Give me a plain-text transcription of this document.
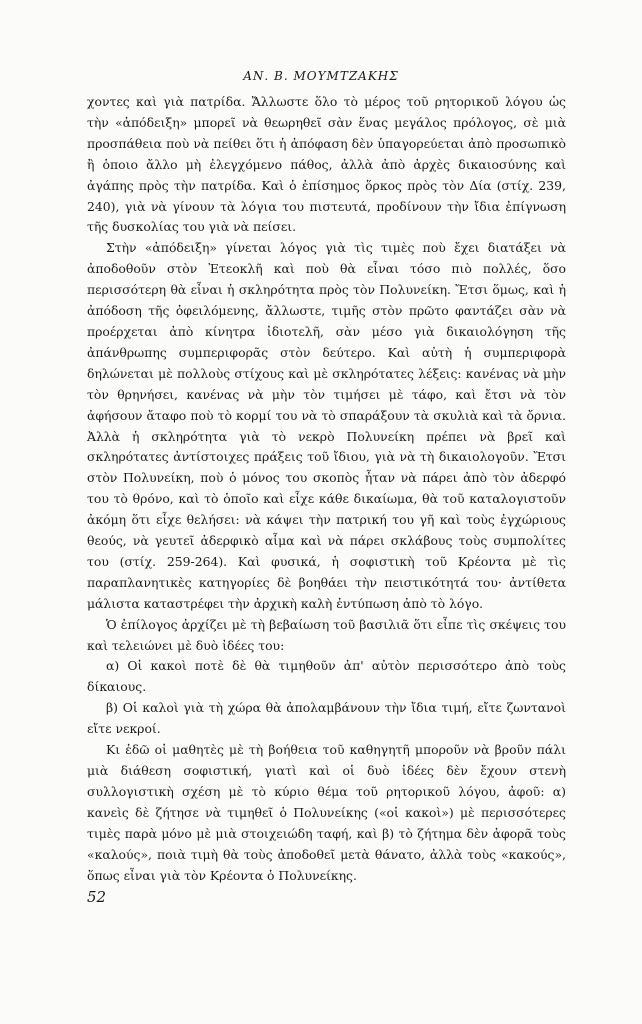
ΑΝ. Β. ΜΟΥΜΤΖΑΚΗΣ

χοντες καὶ γιὰ πατρίδα. Ἄλλωστε ὅλο τὸ μέρος τοῦ ρητορικοῦ λόγου ὡς τὴν «ἀπόδειξη» μπορεῖ νὰ θεωρηθεῖ σὰν ἕνας μεγάλος πρόλογος, σὲ μιὰ προσπάθεια ποὺ νὰ πείθει ὅτι ἡ ἀπόφαση δὲν ὑπαγορεύεται ἀπὸ προσωπικὸ ἢ ὁποιο ἄλλο μὴ ἐλεγχόμενο πάθος, ἀλλὰ ἀπὸ ἀρχὲς δικαιοσύνης καὶ ἀγάπης πρὸς τὴν πατρίδα. Καὶ ὁ ἐπίσημος ὅρκος πρὸς τὸν Δία (στίχ. 239, 240), γιὰ νὰ γίνουν τὰ λόγια του πιστευτά, προδίνουν τὴν ἴδια ἐπίγνωση τῆς δυσκολίας του γιὰ νὰ πείσει.

Στὴν «ἀπόδειξη» γίνεται λόγος γιὰ τὶς τιμὲς ποὺ ἔχει διατάξει νὰ ἀποδοθοῦν στὸν Ἐτεοκλῆ καὶ ποὺ θὰ εἶναι τόσο πιὸ πολλές, ὅσο περισσότερη θὰ εἶναι ἡ σκληρότητα πρὸς τὸν Πολυνείκη. Ἔτσι ὅμως, καὶ ἡ ἀπόδοση τῆς ὀφειλόμενης, ἄλλωστε, τιμῆς στὸν πρῶτο φαντάζει σὰν νὰ προέρχεται ἀπὸ κίνητρα ἰδιοτελῆ, σὰν μέσο γιὰ δικαιολόγηση τῆς ἀπάνθρωπης συμπεριφορᾶς στὸν δεύτερο. Καὶ αὐτὴ ἡ συμπεριφορὰ δηλώνεται μὲ πολλοὺς στίχους καὶ μὲ σκληρότατες λέξεις: κανένας νὰ μὴν τὸν θρηνήσει, κανένας νὰ μὴν τὸν τιμήσει μὲ τάφο, καὶ ἔτσι νὰ τὸν ἀφήσουν ἄταφο ποὺ τὸ κορμί του νὰ τὸ σπαράξουν τὰ σκυλιὰ καὶ τὰ ὄρνια. Ἀλλὰ ἡ σκληρότητα γιὰ τὸ νεκρὸ Πολυνείκη πρέπει νὰ βρεῖ καὶ σκληρότατες ἀντίστοιχες πράξεις τοῦ ἴδιου, γιὰ νὰ τὴ δικαιολογοῦν. Ἔτσι στὸν Πολυνείκη, ποὺ ὁ μόνος του σκοπὸς ἦταν νὰ πάρει ἀπὸ τὸν ἀδερφό του τὸ θρόνο, καὶ τὸ ὁποῖο καὶ εἶχε κάθε δικαίωμα, θὰ τοῦ καταλογιστοῦν ἀκόμη ὅτι εἶχε θελήσει: νὰ κάψει τὴν πατρική του γῆ καὶ τοὺς ἐγχώριους θεούς, νὰ γευτεῖ ἀδερφικὸ αἷμα καὶ νὰ πάρει σκλάβους τοὺς συμπολίτες του (στίχ. 259-264). Καὶ φυσικά, ἡ σοφιστικὴ τοῦ Κρέοντα μὲ τὶς παραπλανητικὲς κατηγορίες δὲ βοηθάει τὴν πειστικότητά του· ἀντίθετα μάλιστα καταστρέφει τὴν ἀρχικὴ καλὴ ἐντύπωση ἀπὸ τὸ λόγο.

Ὁ ἐπίλογος ἀρχίζει μὲ τὴ βεβαίωση τοῦ βασιλιᾶ ὅτι εἶπε τὶς σκέψεις του καὶ τελειώνει μὲ δυὸ ἰδέες του:

α) Οἱ κακοὶ ποτὲ δὲ θὰ τιμηθοῦν ἀπ' αὐτὸν περισσότερο ἀπὸ τοὺς δίκαιους.

β) Οἱ καλοὶ γιὰ τὴ χώρα θὰ ἀπολαμβάνουν τὴν ἴδια τιμή, εἴτε ζωντανοὶ εἴτε νεκροί.

Κι ἐδῶ οἱ μαθητὲς μὲ τὴ βοήθεια τοῦ καθηγητῆ μποροῦν νὰ βροῦν πάλι μιὰ διάθεση σοφιστική, γιατὶ καὶ οἱ δυὸ ἰδέες δὲν ἔχουν στενὴ συλλογιστικὴ σχέση μὲ τὸ κύριο θέμα τοῦ ρητορικοῦ λόγου, ἀφοῦ: α) κανεὶς δὲ ζήτησε νὰ τιμηθεῖ ὁ Πολυνείκης («οἱ κακοὶ») μὲ περισσότερες τιμὲς παρὰ μόνο μὲ μιὰ στοιχειώδη ταφή, καὶ β) τὸ ζήτημα δὲν ἀφορᾶ τοὺς «καλούς», ποιὰ τιμὴ θὰ τοὺς ἀποδοθεῖ μετὰ θάνατο, ἀλλὰ τοὺς «κακούς», ὅπως εἶναι γιὰ τὸν Κρέοντα ὁ Πολυνείκης.

52
